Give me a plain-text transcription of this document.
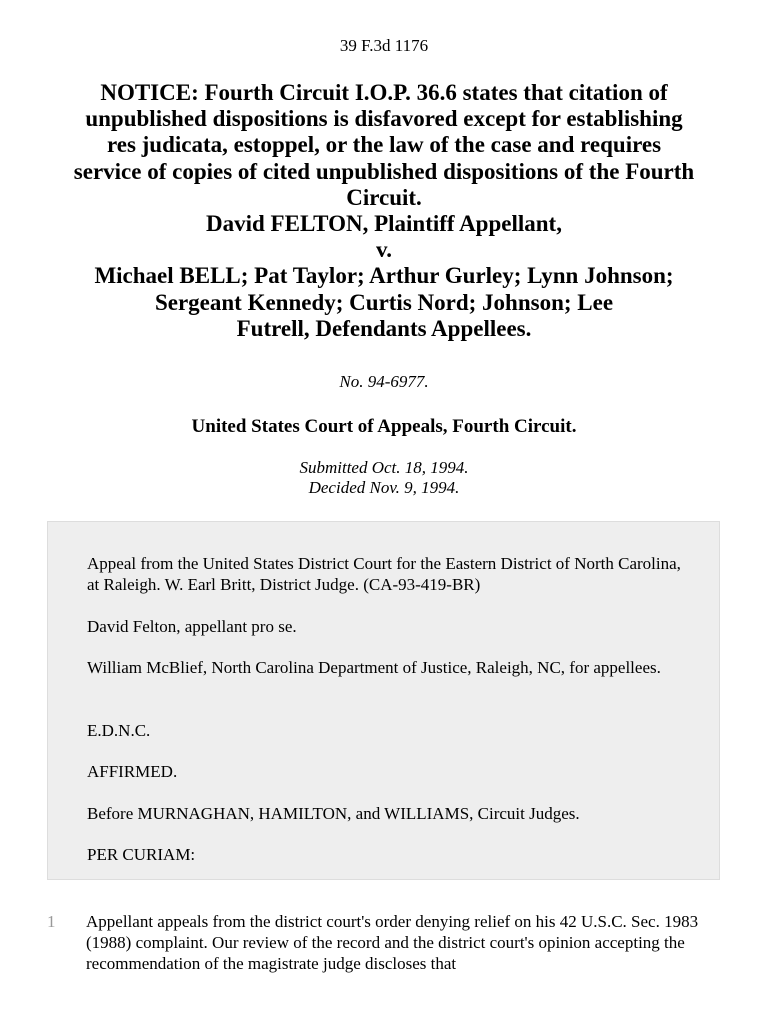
39 F.3d 1176
NOTICE: Fourth Circuit I.O.P. 36.6 states that citation of
unpublished dispositions is disfavored except for establishing
res judicata, estoppel, or the law of the case and requires
service of copies of cited unpublished dispositions of the Fourth
Circuit.
David FELTON, Plaintiff Appellant,
v.
Michael BELL; Pat Taylor; Arthur Gurley; Lynn Johnson;
Sergeant Kennedy; Curtis Nord; Johnson; Lee
Futrell, Defendants Appellees.
No. 94-6977.
United States Court of Appeals, Fourth Circuit.
Submitted Oct. 18, 1994.
Decided Nov. 9, 1994.

Appeal from the United States District Court for the Eastern District of North Carolina, at Raleigh. W. Earl Britt, District Judge. (CA-93-419-BR)

David Felton, appellant pro se.

William McBlief, North Carolina Department of Justice, Raleigh, NC, for appellees.

E.D.N.C.

AFFIRMED.

Before MURNAGHAN, HAMILTON, and WILLIAMS, Circuit Judges.

PER CURIAM:

1 Appellant appeals from the district court's order denying relief on his 42 U.S.C. Sec. 1983 (1988) complaint. Our review of the record and the district court's opinion accepting the recommendation of the magistrate judge discloses that
